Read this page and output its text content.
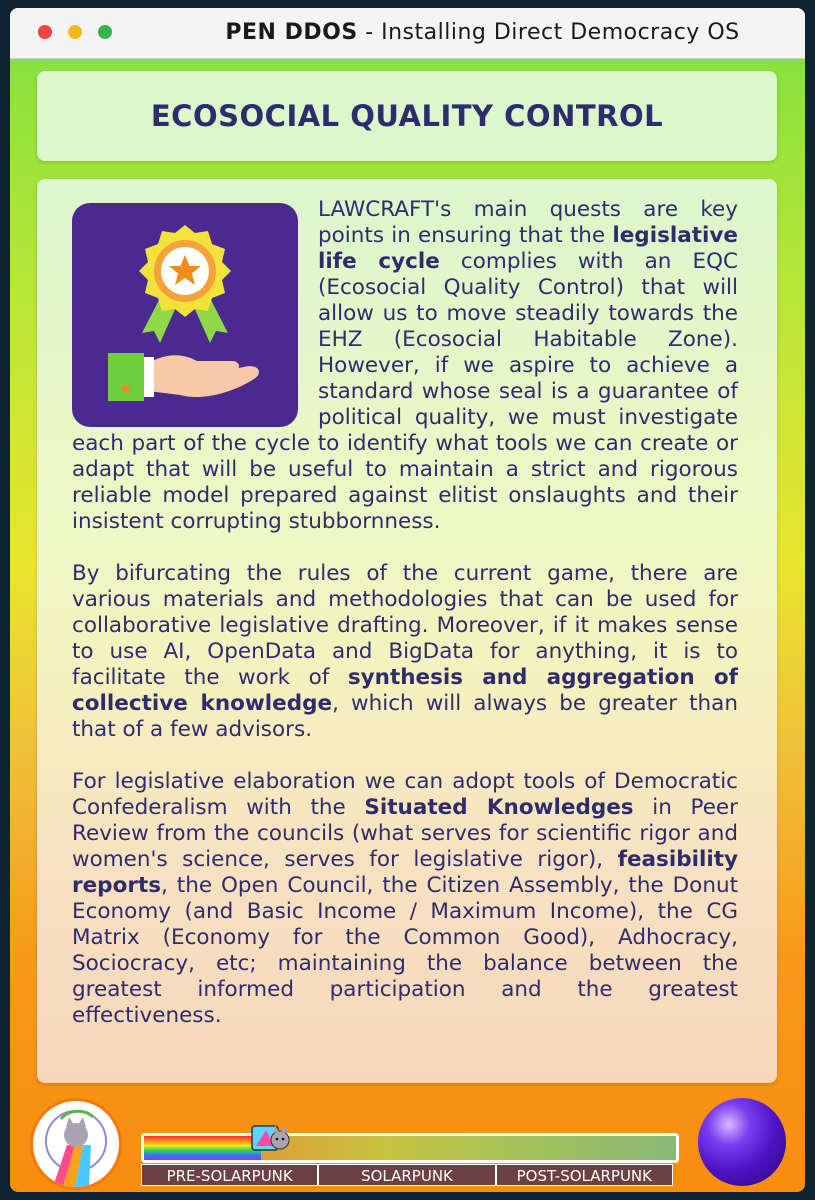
PEN DDOS - Installing Direct Democracy OS
ECOSOCIAL QUALITY CONTROL

LAWCRAFT's main quests are key points in ensuring that the legislative life cycle complies with an EQC (Ecosocial Quality Control) that will allow us to move steadily towards the EHZ (Ecosocial Habitable Zone). However, if we aspire to achieve a standard whose seal is a guarantee of political quality, we must investigate each part of the cycle to identify what tools we can create or adapt that will be useful to maintain a strict and rigorous reliable model prepared against elitist onslaughts and their insistent corrupting stubbornness.

By bifurcating the rules of the current game, there are various materials and methodologies that can be used for collaborative legislative drafting. Moreover, if it makes sense to use AI, OpenData and BigData for anything, it is to facilitate the work of synthesis and aggregation of collective knowledge, which will always be greater than that of a few advisors.

For legislative elaboration we can adopt tools of Democratic Confederalism with the Situated Knowledges in Peer Review from the councils (what serves for scientific rigor and women's science, serves for legislative rigor), feasibility reports, the Open Council, the Citizen Assembly, the Donut Economy (and Basic Income / Maximum Income), the CG Matrix (Economy for the Common Good), Adhocracy, Sociocracy, etc; maintaining the balance between the greatest informed participation and the greatest effectiveness.

PRE-SOLARPUNK	SOLARPUNK	POST-SOLARPUNK
